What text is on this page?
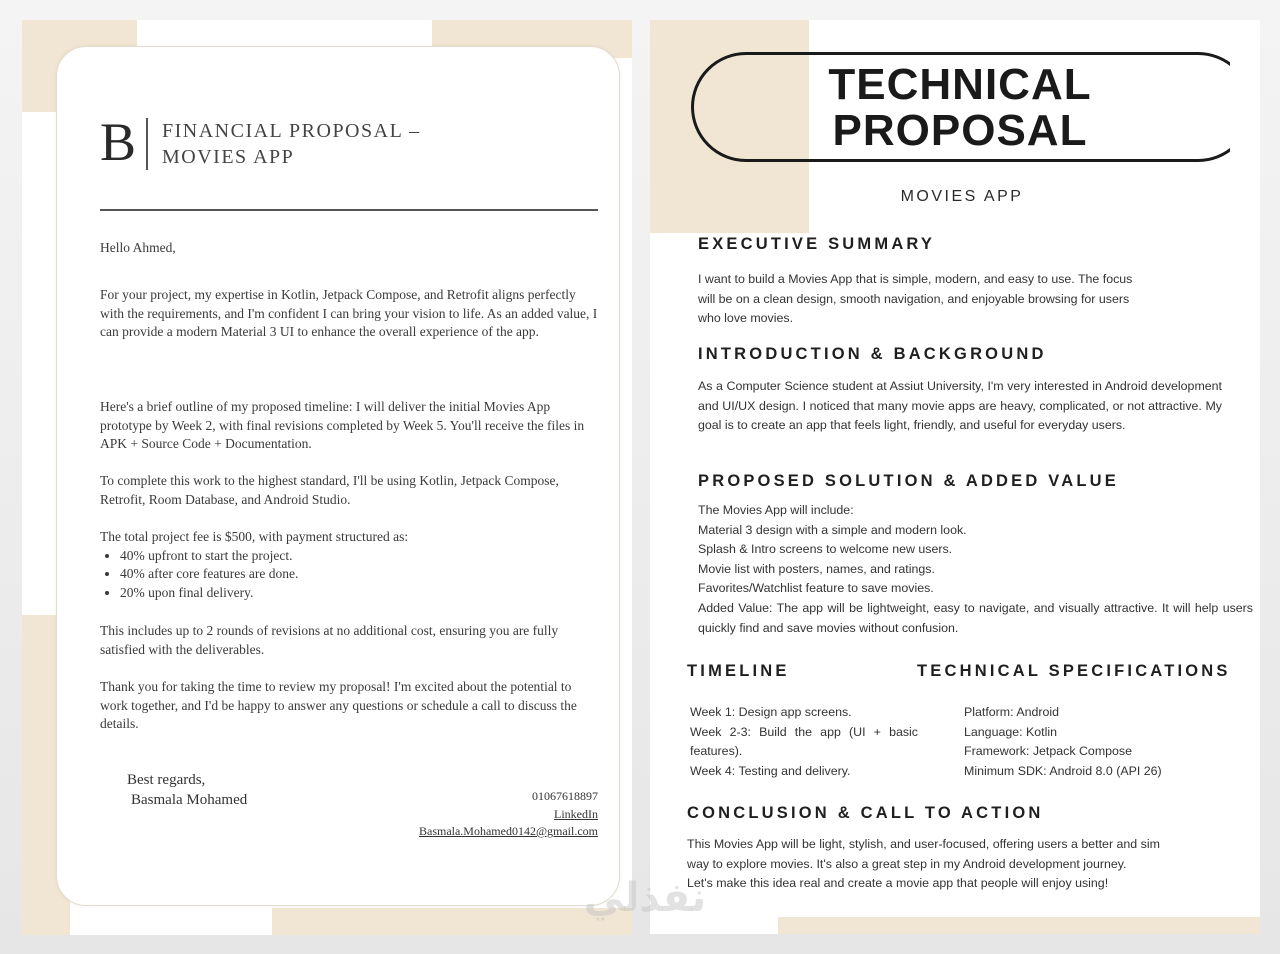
B FINANCIAL PROPOSAL –
MOVIES APP

Hello Ahmed,

For your project, my expertise in Kotlin, Jetpack Compose, and Retrofit aligns perfectly with the requirements, and I'm confident I can bring your vision to life. As an added value, I can provide a modern Material 3 UI to enhance the overall experience of the app.

Here's a brief outline of my proposed timeline: I will deliver the initial Movies App prototype by Week 2, with final revisions completed by Week 5. You'll receive the files in APK + Source Code + Documentation.

To complete this work to the highest standard, I'll be using Kotlin, Jetpack Compose, Retrofit, Room Database, and Android Studio.

The total project fee is $500, with payment structured as:

• 40% upfront to start the project.
• 40% after core features are done.
• 20% upon final delivery.

This includes up to 2 rounds of revisions at no additional cost, ensuring you are fully satisfied with the deliverables.

Thank you for taking the time to review my proposal! I'm excited about the potential to work together, and I'd be happy to answer any questions or schedule a call to discuss the details.

Best regards,
Basmala Mohamed	01067618897
LinkedIn
Basmala.Mohamed0142@gmail.com
TECHNICAL
PROPOSAL
MOVIES APP
EXECUTIVE SUMMARY
I want to build a Movies App that is simple, modern, and easy to use. The focus
will be on a clean design, smooth navigation, and enjoyable browsing for users
who love movies.
INTRODUCTION & BACKGROUND
As a Computer Science student at Assiut University, I'm very interested in Android development and UI/UX design. I noticed that many movie apps are heavy, complicated, or not attractive. My goal is to create an app that feels light, friendly, and useful for everyday users.
PROPOSED SOLUTION & ADDED VALUE
The Movies App will include:
Material 3 design with a simple and modern look.
Splash & Intro screens to welcome new users.
Movie list with posters, names, and ratings.
Favorites/Watchlist feature to save movies.
Added Value: The app will be lightweight, easy to navigate, and visually attractive. It will help users quickly find and save movies without confusion.
TIMELINE	TECHNICAL SPECIFICATIONS
Week 1: Design app screens.
Week 2-3: Build the app (UI + basic features).
Week 4: Testing and delivery.
Platform: Android
Language: Kotlin
Framework: Jetpack Compose
Minimum SDK: Android 8.0 (API 26)
CONCLUSION & CALL TO ACTION
This Movies App will be light, stylish, and user-focused, offering users a better and sim
way to explore movies. It's also a great step in my Android development journey.
Let's make this idea real and create a movie app that people will enjoy using!
نفذلي
